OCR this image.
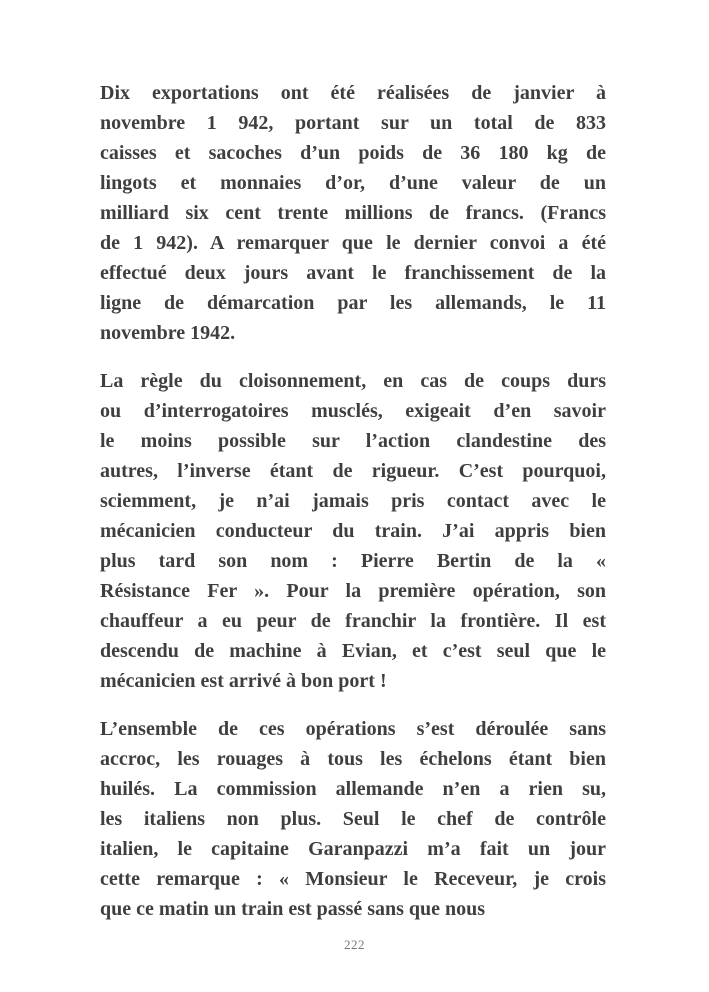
Dix exportations ont été réalisées de janvier à
novembre 1 942, portant sur un total de 833
caisses et sacoches d’un poids de 36 180 kg de
lingots et monnaies d’or, d’une valeur de un
milliard six cent trente millions de francs. (Francs
de 1 942). A remarquer que le dernier convoi a été
effectué deux jours avant le franchissement de la
ligne de démarcation par les allemands, le 11
novembre 1942.
La règle du cloisonnement, en cas de coups durs
ou d’interrogatoires musclés, exigeait d’en savoir
le moins possible sur l’action clandestine des
autres, l’inverse étant de rigueur. C’est pourquoi,
sciemment, je n’ai jamais pris contact avec le
mécanicien conducteur du train. J’ai appris bien
plus tard son nom : Pierre Bertin de la «
Résistance Fer ». Pour la première opération, son
chauffeur a eu peur de franchir la frontière. Il est
descendu de machine à Evian, et c’est seul que le
mécanicien est arrivé à bon port !
L’ensemble de ces opérations s’est déroulée sans
accroc, les rouages à tous les échelons étant bien
huilés. La commission allemande n’en a rien su,
les italiens non plus. Seul le chef de contrôle
italien, le capitaine Garanpazzi m’a fait un jour
cette remarque : « Monsieur le Receveur, je crois
que ce matin un train est passé sans que nous
222
